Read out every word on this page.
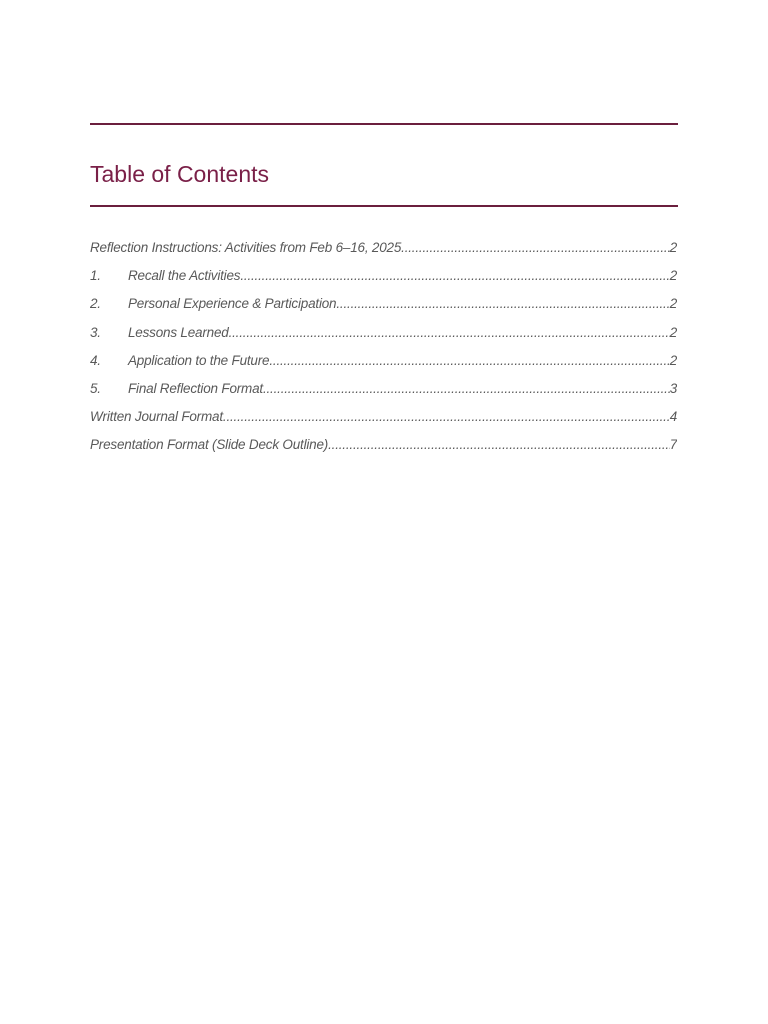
Table of Contents
Reflection Instructions: Activities from Feb 6–16, 2025 .....	2
1.	Recall the Activities .....	2
2.	Personal Experience & Participation .....	2
3.	Lessons Learned .....	2
4.	Application to the Future .....	2
5.	Final Reflection Format .....	3
Written Journal Format .....	4
Presentation Format (Slide Deck Outline) .....	7
